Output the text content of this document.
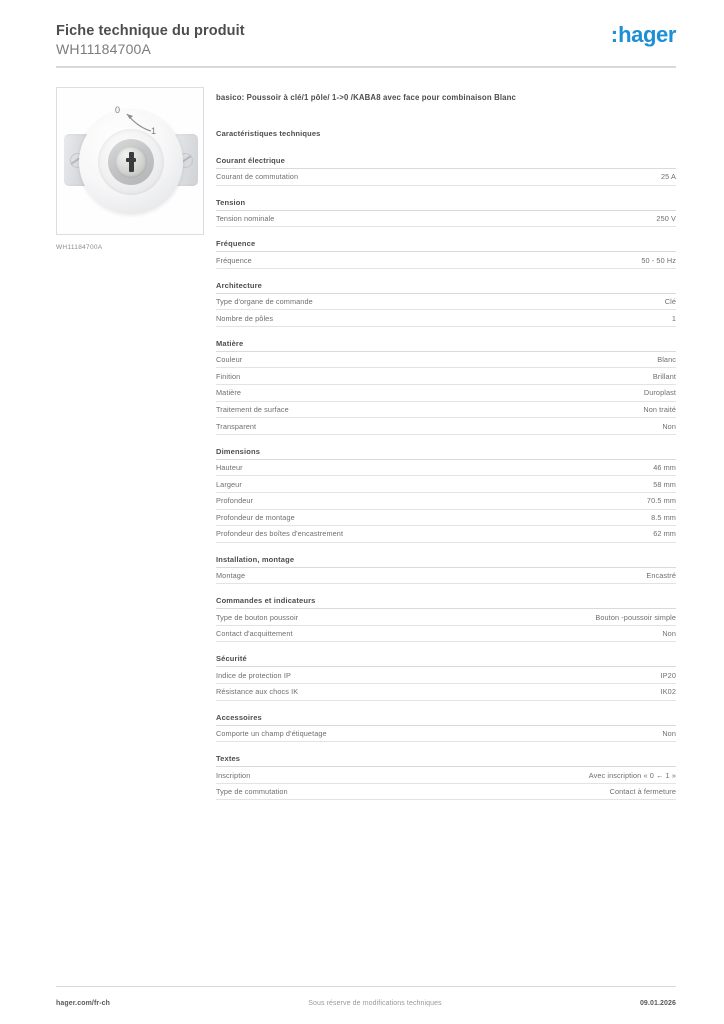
Fiche technique du produit
WH11184700A
: hager
0
1
WH11184700A
basico: Poussoir à clé/1 pôle/ 1->0 /KABA8 avec face pour combinaison Blanc
Caractéristiques techniques
Courant électrique
Courant de commutation	25 A
Tension
Tension nominale	250 V
Fréquence
Fréquence	50 - 50 Hz
Architecture
Type d'organe de commande	Clé
Nombre de pôles	1
Matière
Couleur	Blanc
Finition	Brillant
Matière	Duroplast
Traitement de surface	Non traité
Transparent	Non
Dimensions
Hauteur	46 mm
Largeur	58 mm
Profondeur	70.5 mm
Profondeur de montage	8.5 mm
Profondeur des boîtes d'encastrement	62 mm
Installation, montage
Montage	Encastré
Commandes et indicateurs
Type de bouton poussoir	Bouton -poussoir simple
Contact d'acquittement	Non
Sécurité
Indice de protection IP	IP20
Résistance aux chocs IK	IK02
Accessoires
Comporte un champ d'étiquetage	Non
Textes
Inscription	Avec inscription « 0 ← 1 »
Type de commutation	Contact à fermeture
hager.com/fr-ch	Sous réserve de modifications techniques	09.01.2026
